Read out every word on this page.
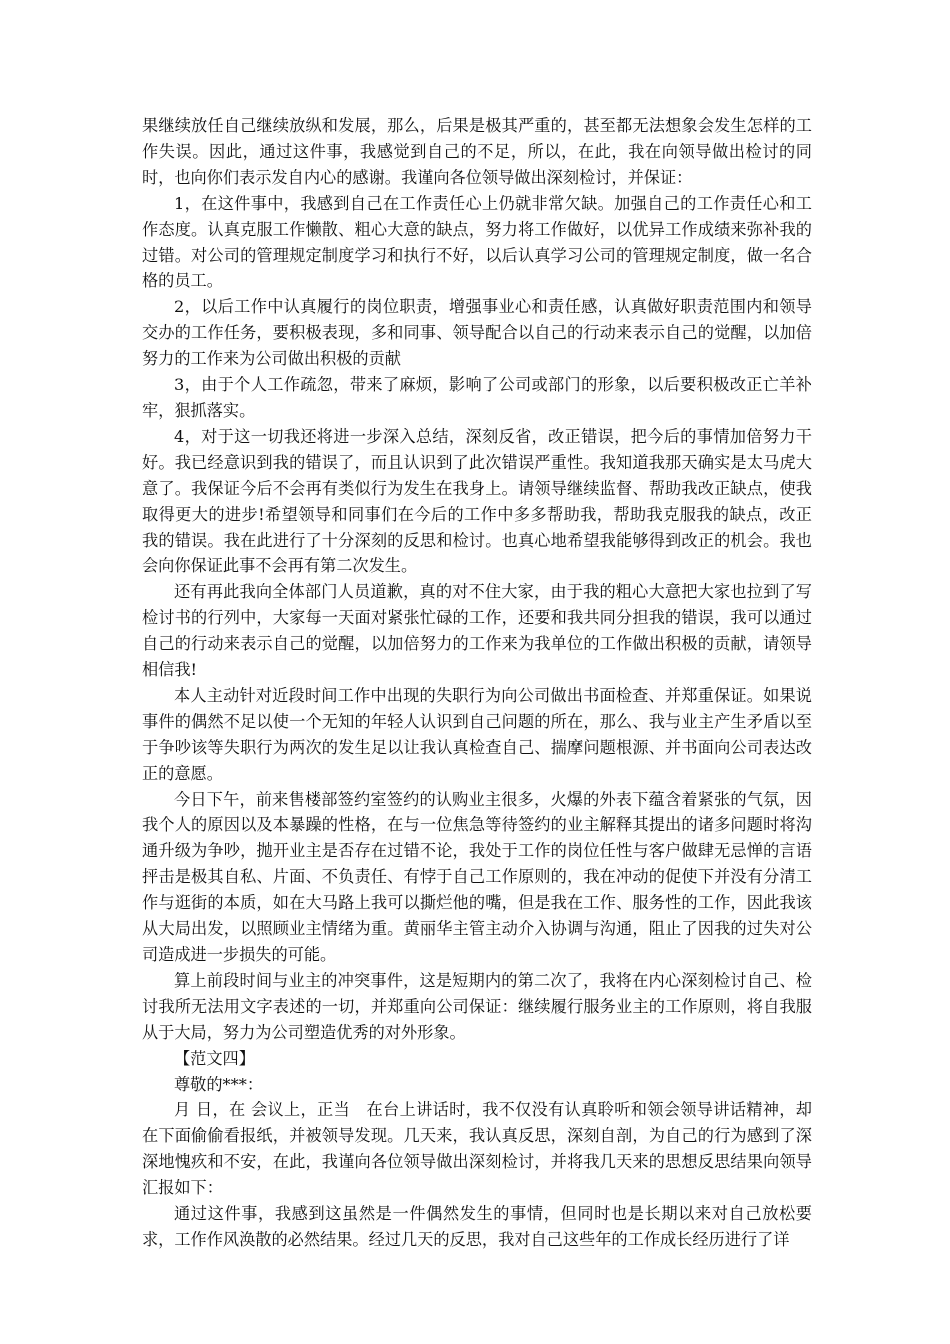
果继续放任自己继续放纵和发展，那么，后果是极其严重的，甚至都无法想象会发生怎样的工作失误。因此，通过这件事，我感觉到自己的不足，所以，在此，我在向领导做出检讨的同时，也向你们表示发自内心的感谢。我谨向各位领导做出深刻检讨，并保证：

1，在这件事中，我感到自己在工作责任心上仍就非常欠缺。加强自己的工作责任心和工作态度。认真克服工作懒散、粗心大意的缺点，努力将工作做好，以优异工作成绩来弥补我的过错。对公司的管理规定制度学习和执行不好，以后认真学习公司的管理规定制度，做一名合格的员工。

2，以后工作中认真履行的岗位职责，增强事业心和责任感，认真做好职责范围内和领导交办的工作任务，要积极表现，多和同事、领导配合以自己的行动来表示自己的觉醒，以加倍努力的工作来为公司做出积极的贡献

3，由于个人工作疏忽，带来了麻烦，影响了公司或部门的形象，以后要积极改正亡羊补牢，狠抓落实。

4，对于这一切我还将进一步深入总结，深刻反省，改正错误，把今后的事情加倍努力干好。我已经意识到我的错误了，而且认识到了此次错误严重性。我知道我那天确实是太马虎大意了。我保证今后不会再有类似行为发生在我身上。请领导继续监督、帮助我改正缺点，使我取得更大的进步!希望领导和同事们在今后的工作中多多帮助我，帮助我克服我的缺点，改正我的错误。我在此进行了十分深刻的反思和检讨。也真心地希望我能够得到改正的机会。我也会向你保证此事不会再有第二次发生。

还有再此我向全体部门人员道歉，真的对不住大家，由于我的粗心大意把大家也拉到了写检讨书的行列中，大家每一天面对紧张忙碌的工作，还要和我共同分担我的错误，我可以通过自己的行动来表示自己的觉醒，以加倍努力的工作来为我单位的工作做出积极的贡献，请领导相信我!

本人主动针对近段时间工作中出现的失职行为向公司做出书面检查、并郑重保证。如果说事件的偶然不足以使一个无知的年轻人认识到自己问题的所在，那么、我与业主产生矛盾以至于争吵该等失职行为两次的发生足以让我认真检查自己、揣摩问题根源、并书面向公司表达改正的意愿。

今日下午，前来售楼部签约室签约的认购业主很多，火爆的外表下蕴含着紧张的气氛，因我个人的原因以及本暴躁的性格，在与一位焦急等待签约的业主解释其提出的诸多问题时将沟通升级为争吵，抛开业主是否存在过错不论，我处于工作的岗位任性与客户做肆无忌惮的言语抨击是极其自私、片面、不负责任、有悖于自己工作原则的，我在冲动的促使下并没有分清工作与逛街的本质，如在大马路上我可以撕烂他的嘴，但是我在工作、服务性的工作，因此我该从大局出发，以照顾业主情绪为重。黄丽华主管主动介入协调与沟通，阻止了因我的过失对公司造成进一步损失的可能。

算上前段时间与业主的冲突事件，这是短期内的第二次了，我将在内心深刻检讨自己、检讨我所无法用文字表述的一切，并郑重向公司保证：继续履行服务业主的工作原则，将自我服从于大局，努力为公司塑造优秀的对外形象。

【范文四】

尊敬的***：

月 日，在 会议上，正当　在台上讲话时，我不仅没有认真聆听和领会领导讲话精神，却在下面偷偷看报纸，并被领导发现。几天来，我认真反思，深刻自剖，为自己的行为感到了深深地愧疚和不安，在此，我谨向各位领导做出深刻检讨，并将我几天来的思想反思结果向领导汇报如下：

通过这件事，我感到这虽然是一件偶然发生的事情，但同时也是长期以来对自己放松要求，工作作风涣散的必然结果。经过几天的反思，我对自己这些年的工作成长经历进行了详
